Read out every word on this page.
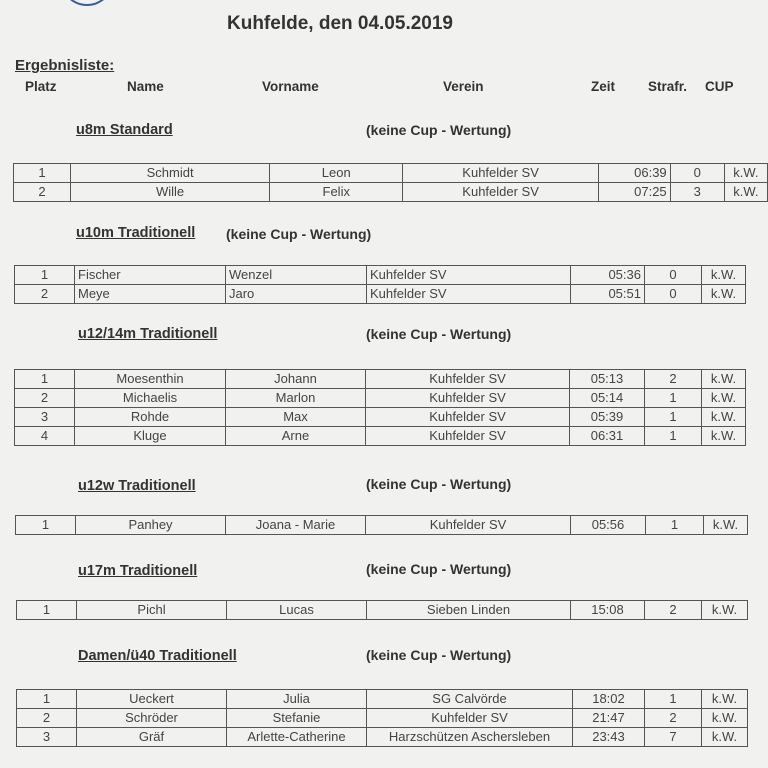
Kuhfelde, den 04.05.2019
Ergebnisliste:
Platz	Name	Vorname	Verein	Zeit Strafr. CUP
u8m Standard	(keine Cup - Wertung)
1	Schmidt	Leon	Kuhfelder SV	06:39	0	k.W.
2	Wille	Felix	Kuhfelder SV	07:25	3	k.W.
u10m Traditionell (keine Cup - Wertung)
1	Fischer	Wenzel	Kuhfelder SV	05:36	0	k.W.
2	Meye	Jaro	Kuhfelder SV	05:51	0	k.W.
u12/14m Traditionell	(keine Cup - Wertung)
1	Moesenthin	Johann	Kuhfelder SV	05:13	2	k.W.
2	Michaelis	Marlon	Kuhfelder SV	05:14	1	k.W.
3	Rohde	Max	Kuhfelder SV	05:39	1	k.W.
4	Kluge	Arne	Kuhfelder SV	06:31	1	k.W.
u12w Traditionell	(keine Cup - Wertung)
1	Panhey	Joana - Marie	Kuhfelder SV	05:56	1	k.W.
u17m Traditionell	(keine Cup - Wertung)
1	Pichl	Lucas	Sieben Linden	15:08	2	k.W.
Damen/ü40 Traditionell	(keine Cup - Wertung)
1	Ueckert	Julia	SG Calvörde	18:02	1	k.W.
2	Schröder	Stefanie	Kuhfelder SV	21:47	2	k.W.
3	Gräf	Arlette-Catherine	Harzschützen Aschersleben	23:43	7	k.W.
